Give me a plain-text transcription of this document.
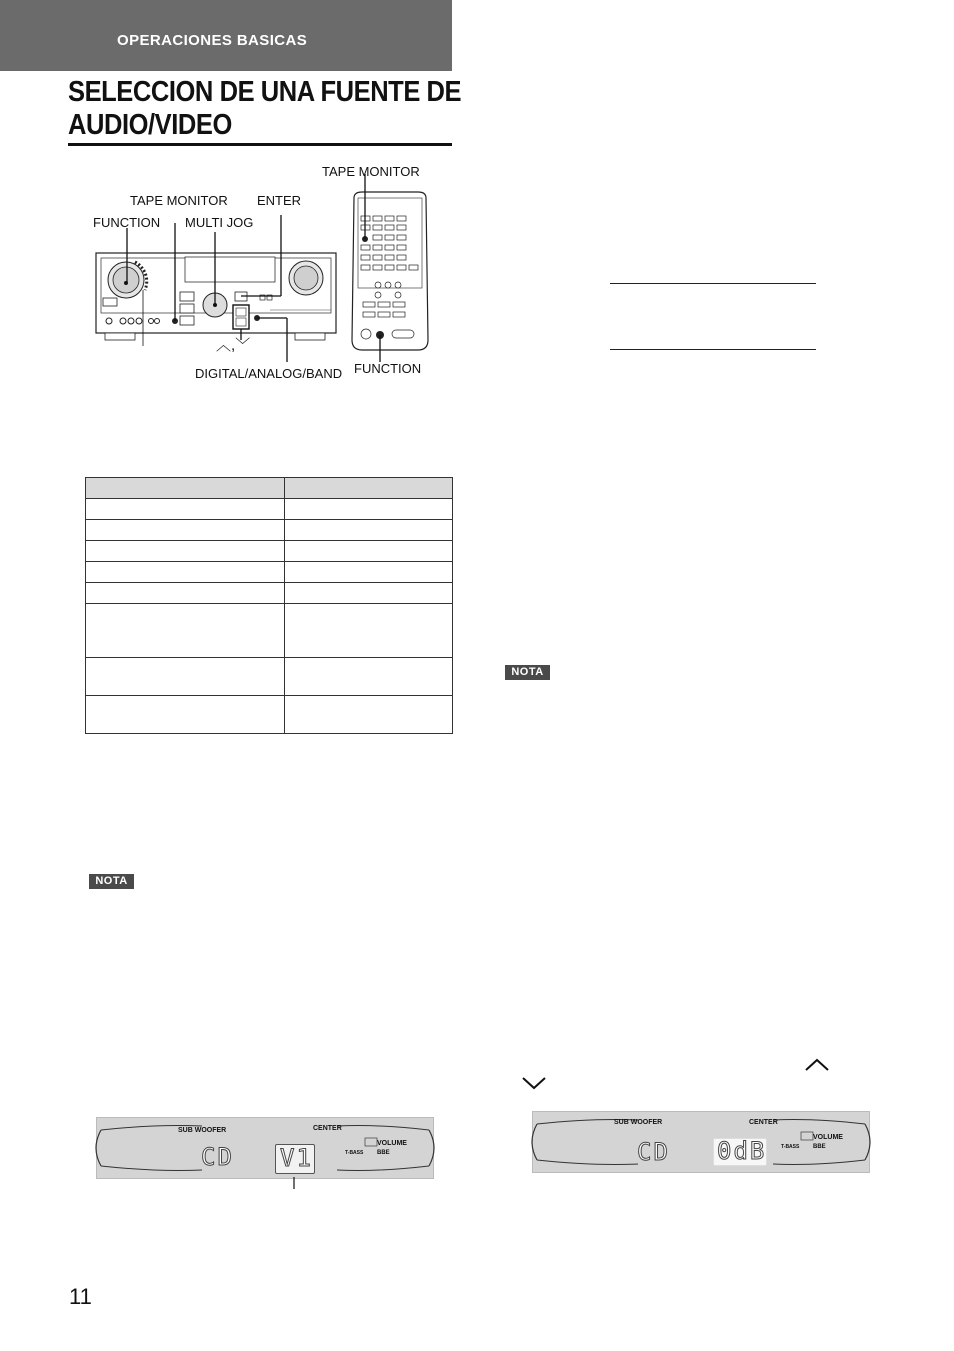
OPERACIONES BASICAS
SELECCION DE UNA FUENTE DE
AUDIO/VIDEO
TAPE MONITOR
TAPE MONITOR ENTER
FUNCTION MULTI JOG
︿,﹀
DIGITAL/ANALOG/BAND FUNCTION

NOTA
NOTA
SUB WOOFER	CENTER
VOLUME
T-BASS BBE
CD V1
SUB WOOFER	CENTER
VOLUME
T-BASS BBE
CD 0dB
11
